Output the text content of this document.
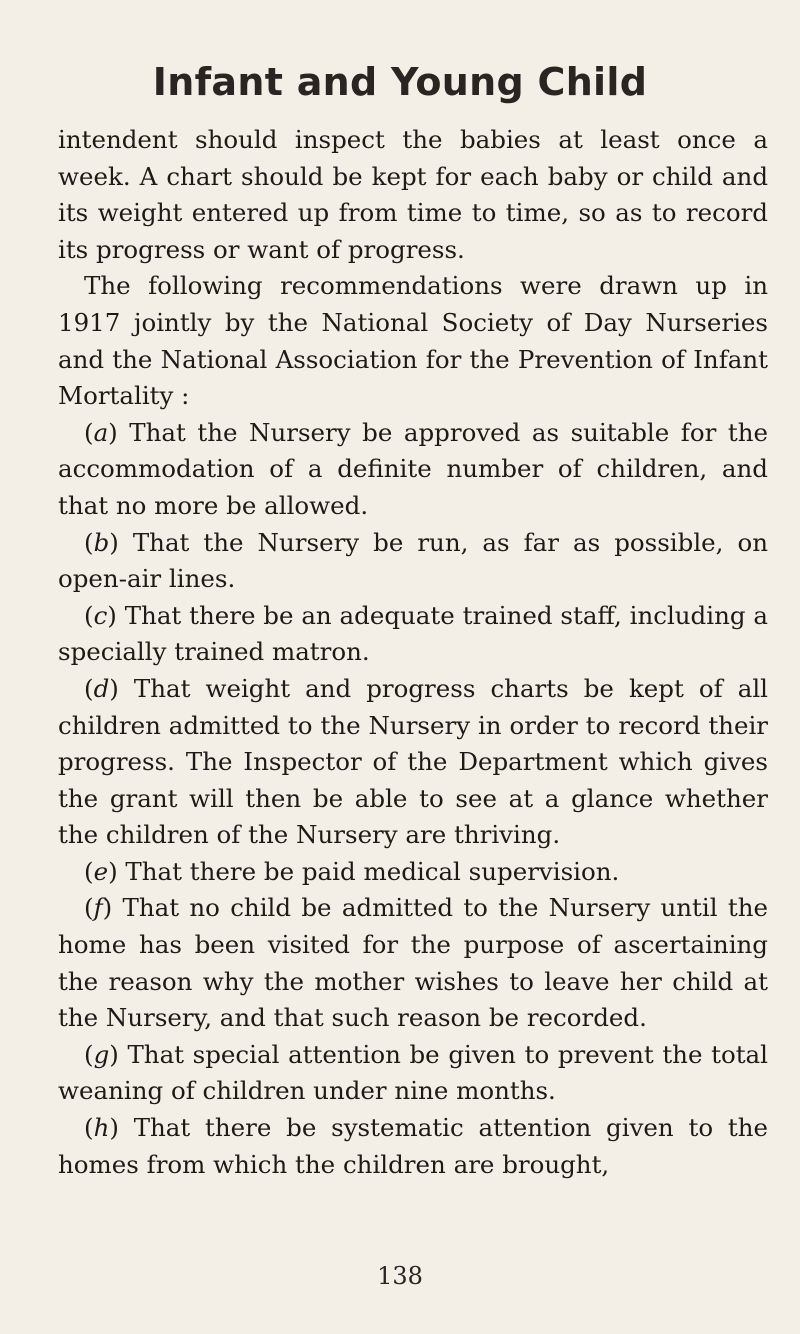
Infant and Young Child

intendent should inspect the babies at least once a week. A chart should be kept for each baby or child and its weight entered up from time to time, so as to record its progress or want of progress.

The following recommendations were drawn up in 1917 jointly by the National Society of Day Nurseries and the National Association for the Prevention of Infant Mortality :

(a) That the Nursery be approved as suitable for the accommodation of a definite number of children, and that no more be allowed.

(b) That the Nursery be run, as far as possible, on open-air lines.

(c) That there be an adequate trained staff, including a specially trained matron.

(d) That weight and progress charts be kept of all children admitted to the Nursery in order to record their progress. The Inspector of the Department which gives the grant will then be able to see at a glance whether the children of the Nursery are thriving.

(e) That there be paid medical supervision.

(f) That no child be admitted to the Nursery until the home has been visited for the purpose of ascertaining the reason why the mother wishes to leave her child at the Nursery, and that such reason be recorded.

(g) That special attention be given to prevent the total weaning of children under nine months.

(h) That there be systematic attention given to the homes from which the children are brought,

138
